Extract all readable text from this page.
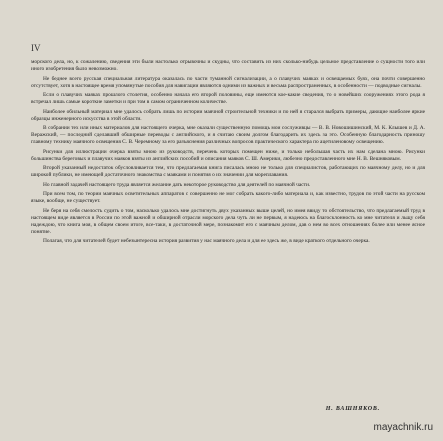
IV

морского дела, но, к сожалению, сведения эти были настолько отрывочны и скудны, что составить из них сколько-нибудь цельное представление о сущности того или иного изобретения было невозможно.

Не беднее всего русская специальная литература оказалась по части туманной сигнализации, а о плавучих маяках и освещаемых буях, она почти совершенно отсутствует, хотя в настоящее время упомянутые пособия для навигации являются одними из важных и весьма распространенных, в особенности — подводные сигналы.

Если о плавучих маяках прошлого столетия, особенно начала его второй половины, еще имеются кое-какие сведения, то о новейших сооружениях этого рода я встречал лишь самые короткие заметки и при том в самом ограниченном количестве.

Наиболее обильный материал мне удалось собрать лишь по истории маячной строительной техники и по ней я старался выбрать примеры, дающие наиболее яркие образцы инженерного искусства в этой области.

В собрании тех или иных материалов для настоящего очерка, мне оказали существенную помощь мои сослуживцы — В. В. Новошишинский, М. К. Клышев и Д. А. Веражский, — последний сделавший обширные переводы с английского, и я считаю своим долгом благодарить их здесь за это. Особенную благодарность приношу главному технику маячного освещения С. В. Черемному за его разъяснения различных вопросов практического характера по ацетиленовому освещению.

Рисунки для иллюстрации очерка взяты мною из руководств, перечень которых помещен ниже, и только небольшая часть их нам сделана мною. Рисунки большинства береговых и плавучих маяков взяты из английских пособий и описания маяков С. Ш. Америки, любезно предоставленного мне Н. В. Вешняковым.

Второй указанный недостаток обусловливается тем, что предлагаемая книга писалась мною не только для специалистов, работающих по маячному делу, но и для широкой публики, не имеющей достаточного знакомства с маяками и понятия о их значении для мореплавания.

Но главной задачей настоящего труда является желание дать некоторое руководство для деятелей по маячной части.

При всем том, по теории маячных осветительных аппаратов с совершенно не мог собрать какого-либо материала и, как известно, трудов по этой части на русском языке, вообще, не существует.

Не беря на себя смелость судить о том, насколько удалось мне достигнуть двух указанных выше целей, но имея ввиду то обстоятельство, что предлагаемый труд в настоящем виде является в России по этой важной и обширной отрасли морского дела чуть ли не первым, я надеюсь на благосклонность ко мне читателя и льщу себя надеждою, что книга моя, в общем своем итоге, все-таки, в достаточной мере, познакомит его с маячным делом, дав о нем во всех отношениях более или менее ясное понятие.

Полагая, что для читателей будет небезынтересна история развития у нас маячного дела и для ее здесь же, в виде краткого отдельного очерка.

Н. ВАШНЯКОВ.
mayachnik.ru
